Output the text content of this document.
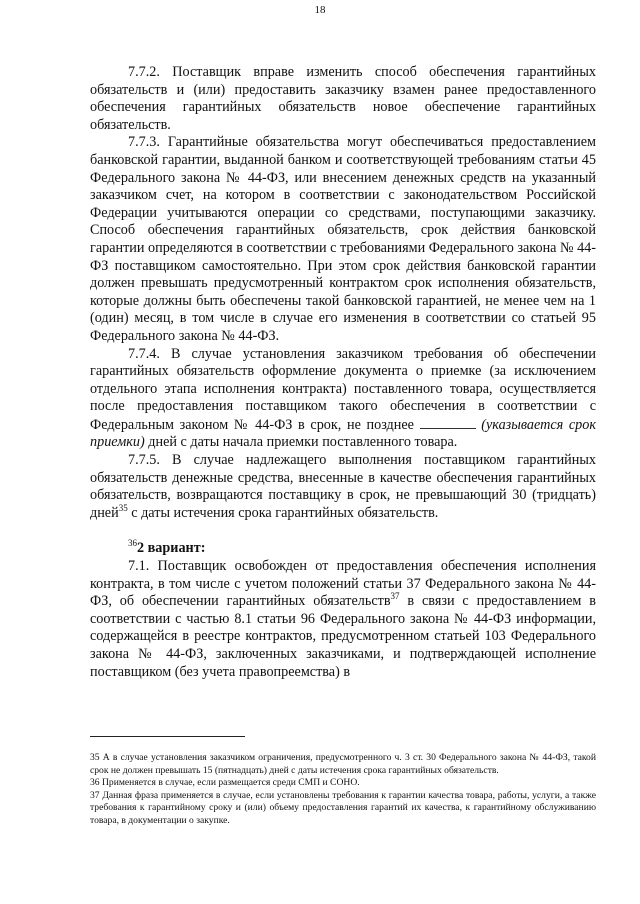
18

7.7.2. Поставщик вправе изменить способ обеспечения гарантийных обязательств и (или) предоставить заказчику взамен ранее предоставленного обеспечения гарантийных обязательств новое обеспечение гарантийных обязательств.

7.7.3. Гарантийные обязательства могут обеспечиваться предоставлением банковской гарантии, выданной банком и соответствующей требованиям статьи 45 Федерального закона № 44-ФЗ, или внесением денежных средств на указанный заказчиком счет, на котором в соответствии с законодательством Российской Федерации учитываются операции со средствами, поступающими заказчику. Способ обеспечения гарантийных обязательств, срок действия банковской гарантии определяются в соответствии с требованиями Федерального закона № 44-ФЗ поставщиком самостоятельно. При этом срок действия банковской гарантии должен превышать предусмотренный контрактом срок исполнения обязательств, которые должны быть обеспечены такой банковской гарантией, не менее чем на 1 (один) месяц, в том числе в случае его изменения в соответствии со статьей 95 Федерального закона № 44-ФЗ.

7.7.4. В случае установления заказчиком требования об обеспечении гарантийных обязательств оформление документа о приемке (за исключением отдельного этапа исполнения контракта) поставленного товара, осуществляется после предоставления поставщиком такого обеспечения в соответствии с Федеральным законом № 44-ФЗ в срок, не позднее	(указывается срок приемки) дней с даты начала приемки поставленного товара.

7.7.5. В случае надлежащего выполнения поставщиком гарантийных обязательств денежные средства, внесенные в качестве обеспечения гарантийных обязательств, возвращаются поставщику в срок, не превышающий 30 (тридцать) дней$^{35}$ с даты истечения срока гарантийных обязательств.

$^{36}$2 вариант:

7.1. Поставщик освобожден от предоставления обеспечения исполнения контракта, в том числе с учетом положений статьи 37 Федерального закона № 44-ФЗ, об обеспечении гарантийных обязательств$^{37}$ в связи с предоставлением в соответствии с частью 8.1 статьи 96 Федерального закона № 44-ФЗ информации, содержащейся в реестре контрактов, предусмотренном статьей 103 Федерального закона № 44-ФЗ, заключенных заказчиками, и подтверждающей исполнение поставщиком (без учета правопреемства) в

35 А в случае установления заказчиком ограничения, предусмотренного ч. 3 ст. 30 Федерального закона № 44-ФЗ, такой срок не должен превышать 15 (пятнадцать) дней с даты истечения срока гарантийных обязательств.

36 Применяется в случае, если размещается среди СМП и СОНО.

37 Данная фраза применяется в случае, если установлены требования к гарантии качества товара, работы, услуги, а также требования к гарантийному сроку и (или) объему предоставления гарантий их качества, к гарантийному обслуживанию товара, в документации о закупке.
